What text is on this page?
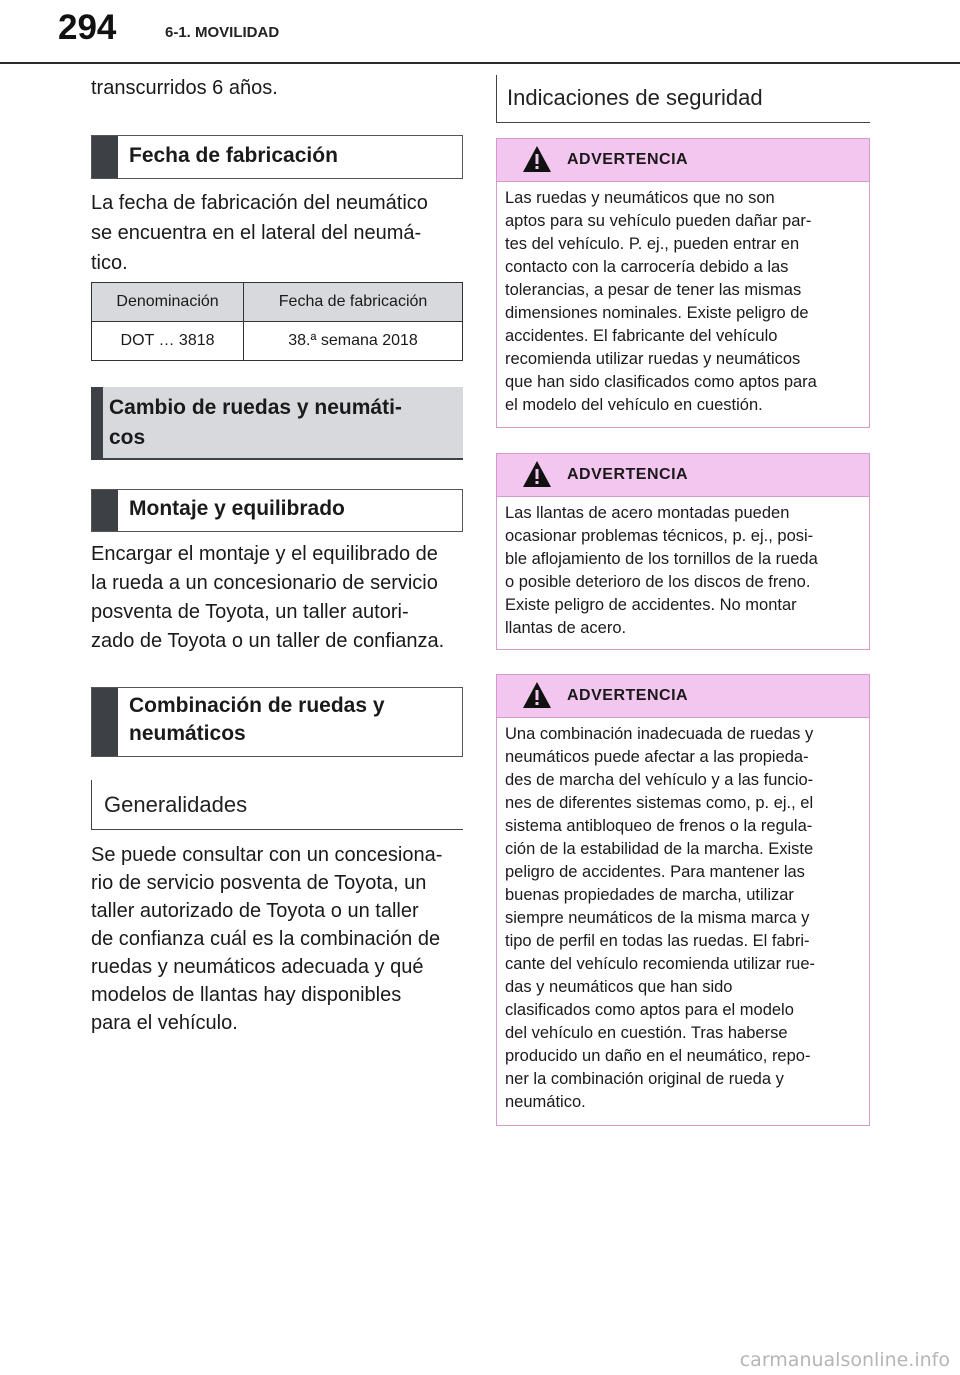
294	6-1. MOVILIDAD

transcurridos 6 años.

Fecha de fabricación

La fecha de fabricación del neumático

se encuentra en el lateral del neumá-

tico.

Denominación	Fecha de fabricación
DOT … 3818	38.ª semana 2018
Cambio de ruedas y neumáti-
cos
Montaje y equilibrado

Encargar el montaje y el equilibrado de

la rueda a un concesionario de servicio

posventa de Toyota, un taller autori-

zado de Toyota o un taller de confianza.

Combinación de ruedas y
neumáticos
Generalidades

Se puede consultar con un concesiona-

rio de servicio posventa de Toyota, un

taller autorizado de Toyota o un taller

de confianza cuál es la combinación de

ruedas y neumáticos adecuada y qué

modelos de llantas hay disponibles

para el vehículo.

Indicaciones de seguridad
ADVERTENCIA
Las ruedas y neumáticos que no son
aptos para su vehículo pueden dañar par-
tes del vehículo. P. ej., pueden entrar en
contacto con la carrocería debido a las
tolerancias, a pesar de tener las mismas
dimensiones nominales. Existe peligro de
accidentes. El fabricante del vehículo
recomienda utilizar ruedas y neumáticos
que han sido clasificados como aptos para
el modelo del vehículo en cuestión.
ADVERTENCIA
Las llantas de acero montadas pueden
ocasionar problemas técnicos, p. ej., posi-
ble aflojamiento de los tornillos de la rueda
o posible deterioro de los discos de freno.
Existe peligro de accidentes. No montar
llantas de acero.
ADVERTENCIA
Una combinación inadecuada de ruedas y
neumáticos puede afectar a las propieda-
des de marcha del vehículo y a las funcio-
nes de diferentes sistemas como, p. ej., el
sistema antibloqueo de frenos o la regula-
ción de la estabilidad de la marcha. Existe
peligro de accidentes. Para mantener las
buenas propiedades de marcha, utilizar
siempre neumáticos de la misma marca y
tipo de perfil en todas las ruedas. El fabri-
cante del vehículo recomienda utilizar rue-
das y neumáticos que han sido
clasificados como aptos para el modelo
del vehículo en cuestión. Tras haberse
producido un daño en el neumático, repo-
ner la combinación original de rueda y
neumático.
carmanualsonline.info
